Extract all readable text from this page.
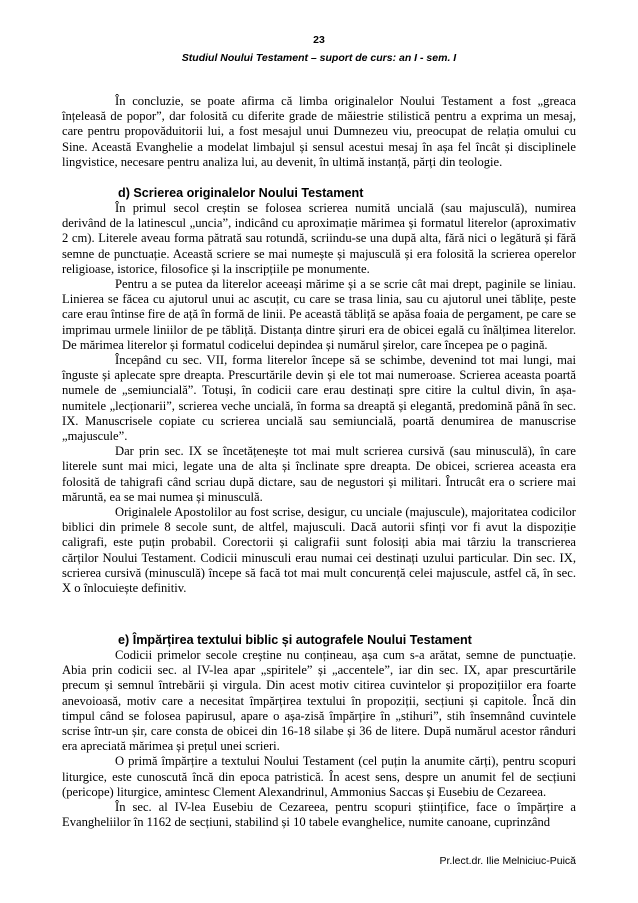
23
Studiul Noului Testament – suport de curs: an I - sem. I

În concluzie, se poate afirma că limba originalelor Noului Testament a fost „greaca înțeleasă de popor”, dar folosită cu diferite grade de măiestrie stilistică pentru a exprima un mesaj, care pentru propovăduitorii lui, a fost mesajul unui Dumnezeu viu, preocupat de relația omului cu Sine. Această Evanghelie a modelat limbajul și sensul acestui mesaj în așa fel încât și disciplinele lingvistice, necesare pentru analiza lui, au devenit, în ultimă instanță, părți din teologie.

d) Scrierea originalelor Noului Testament

În primul secol creștin se folosea scrierea numită uncială (sau majusculă), numirea derivând de la latinescul „uncia”, indicând cu aproximație mărimea și formatul literelor (aproximativ 2 cm). Literele aveau forma pătrată sau rotundă, scriindu-se una după alta, fără nici o legătură și fără semne de punctuație. Această scriere se mai numește și majusculă și era folosită la scrierea operelor religioase, istorice, filosofice și la inscripțiile pe monumente.

Pentru a se putea da literelor aceeași mărime și a se scrie cât mai drept, paginile se liniau. Linierea se făcea cu ajutorul unui ac ascuțit, cu care se trasa linia, sau cu ajutorul unei tăblițe, peste care erau întinse fire de ață în formă de linii. Pe această tăbliță se apăsa foaia de pergament, pe care se imprimau urmele liniilor de pe tăbliță. Distanța dintre șiruri era de obicei egală cu înălțimea literelor. De mărimea literelor și formatul codicelui depindea și numărul șirelor, care începea pe o pagină.

Începând cu sec. VII, forma literelor începe să se schimbe, devenind tot mai lungi, mai înguste și aplecate spre dreapta. Prescurtările devin și ele tot mai numeroase. Scrierea aceasta poartă numele de „semiuncială”. Totuși, în codicii care erau destinați spre citire la cultul divin, în așa-numitele „lecționarii”, scrierea veche uncială, în forma sa dreaptă și elegantă, predomină până în sec. IX. Manuscrisele copiate cu scrierea uncială sau semiuncială, poartă denumirea de manuscrise „majuscule”.

Dar prin sec. IX se încetățenește tot mai mult scrierea cursivă (sau minusculă), în care literele sunt mai mici, legate una de alta și înclinate spre dreapta. De obicei, scrierea aceasta era folosită de tahigrafi când scriau după dictare, sau de negustori și militari. Întrucât era o scriere mai măruntă, ea se mai numea și minusculă.

Originalele Apostolilor au fost scrise, desigur, cu unciale (majuscule), majoritatea codicilor biblici din primele 8 secole sunt, de altfel, majusculi. Dacă autorii sfinți vor fi avut la dispoziție caligrafi, este puțin probabil. Corectorii și caligrafii sunt folosiți abia mai târziu la transcrierea cărților Noului Testament. Codicii minusculi erau numai cei destinați uzului particular. Din sec. IX, scrierea cursivă (minusculă) începe să facă tot mai mult concurență celei majuscule, astfel că, în sec. X o înlocuiește definitiv.

e) Împărțirea textului biblic și autografele Noului Testament

Codicii primelor secole creștine nu conțineau, așa cum s-a arătat, semne de punctuație. Abia prin codicii sec. al IV-lea apar „spiritele” și „accentele”, iar din sec. IX, apar prescurtările precum și semnul întrebării și virgula. Din acest motiv citirea cuvintelor și propozițiilor era foarte anevoioasă, motiv care a necesitat împărțirea textului în propoziții, secțiuni și capitole. Încă din timpul când se folosea papirusul, apare o așa-zisă împărțire în „stihuri”, stih însemnând cuvintele scrise într-un șir, care consta de obicei din 16-18 silabe și 36 de litere. După numărul acestor rânduri era apreciată mărimea și prețul unei scrieri.

O primă împărțire a textului Noului Testament (cel puțin la anumite cărți), pentru scopuri liturgice, este cunoscută încă din epoca patristică. În acest sens, despre un anumit fel de secțiuni (pericope) liturgice, amintesc Clement Alexandrinul, Ammonius Saccas și Eusebiu de Cezareea.

În sec. al IV-lea Eusebiu de Cezareea, pentru scopuri științifice, face o împărțire a Evangheliilor în 1162 de secțiuni, stabilind și 10 tabele evanghelice, numite canoane, cuprinzând

Pr.lect.dr. Ilie Melniciuc-Puică
